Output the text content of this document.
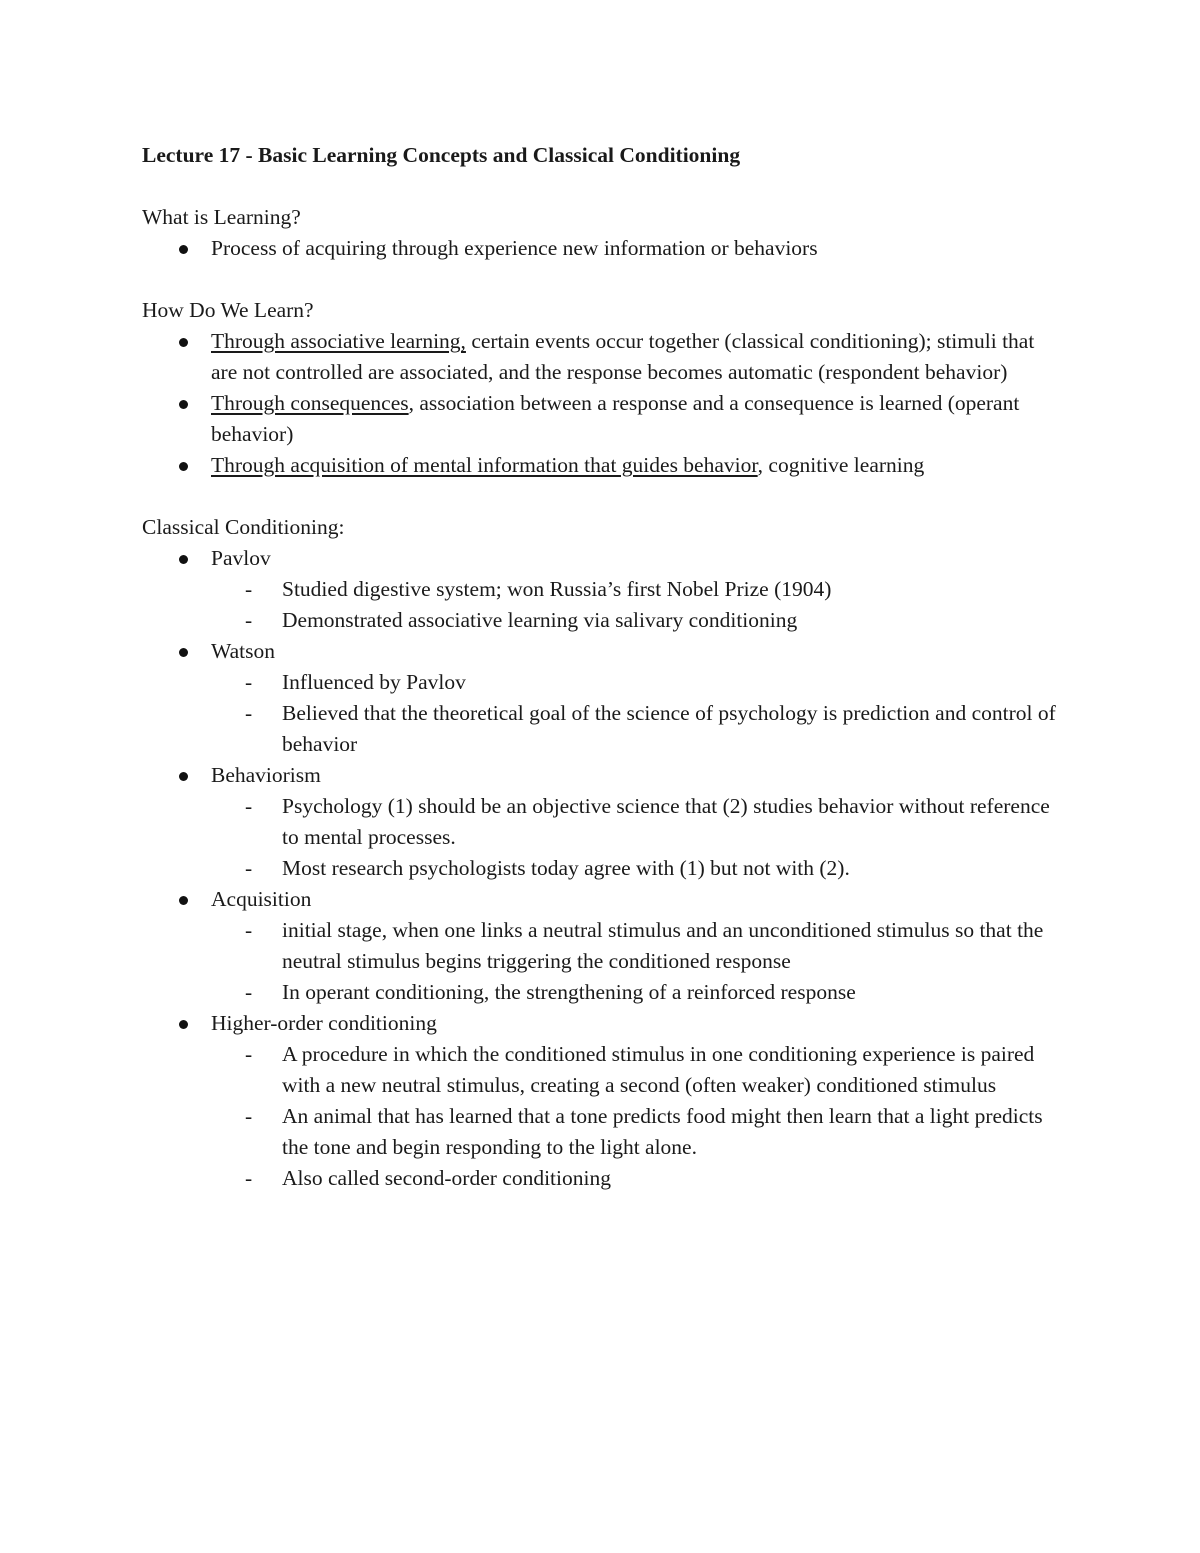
Lecture 17 - Basic Learning Concepts and Classical Conditioning
What is Learning?
Process of acquiring through experience new information or behaviors
How Do We Learn?
Through associative learning, certain events occur together (classical conditioning); stimuli that are not controlled are associated, and the response becomes automatic (respondent behavior)
Through consequences, association between a response and a consequence is learned (operant behavior)
Through acquisition of mental information that guides behavior, cognitive learning
Classical Conditioning:
Pavlov
- Studied digestive system; won Russia’s first Nobel Prize (1904)
- Demonstrated associative learning via salivary conditioning
Watson
- Influenced by Pavlov
- Believed that the theoretical goal of the science of psychology is prediction and control of behavior
Behaviorism
- Psychology (1) should be an objective science that (2) studies behavior without reference to mental processes.
- Most research psychologists today agree with (1) but not with (2).
Acquisition
- initial stage, when one links a neutral stimulus and an unconditioned stimulus so that the neutral stimulus begins triggering the conditioned response
- In operant conditioning, the strengthening of a reinforced response
Higher-order conditioning
- A procedure in which the conditioned stimulus in one conditioning experience is paired with a new neutral stimulus, creating a second (often weaker) conditioned stimulus
- An animal that has learned that a tone predicts food might then learn that a light predicts the tone and begin responding to the light alone.
- Also called second-order conditioning
